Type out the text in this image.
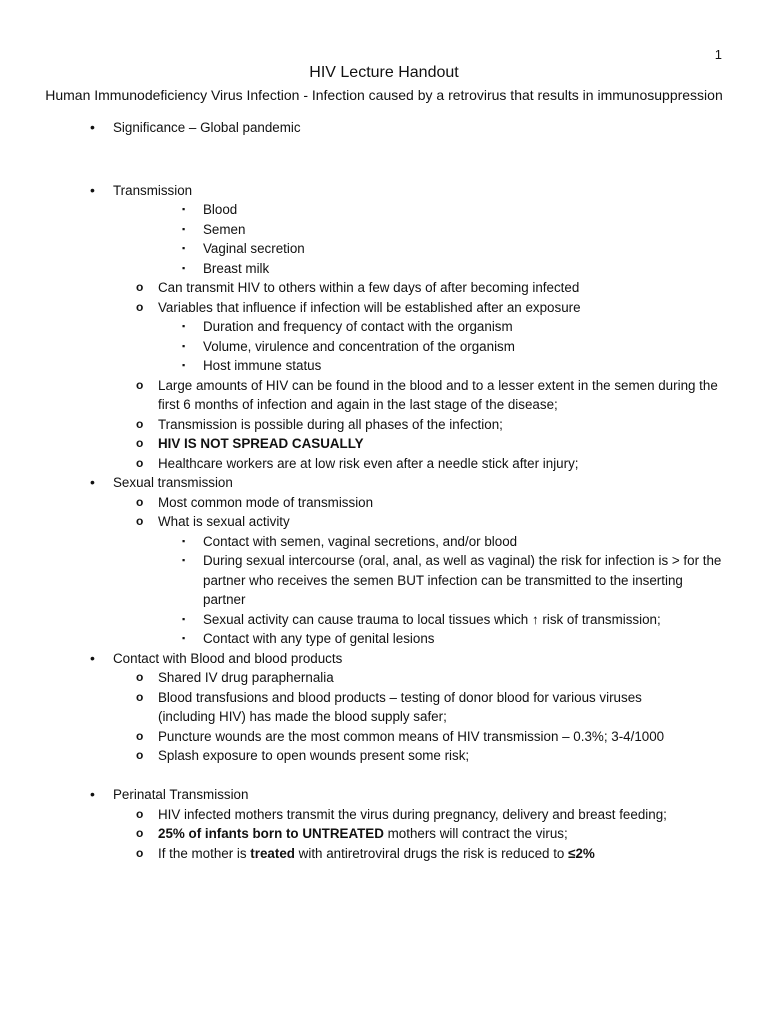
1
HIV Lecture Handout
Human Immunodeficiency Virus Infection - Infection caused by a retrovirus that results in immunosuppression
• Significance – Global pandemic
• Transmission
▪ Blood
▪ Semen
▪ Vaginal secretion
▪ Breast milk
o Can transmit HIV to others within a few days of after becoming infected
o Variables that influence if infection will be established after an exposure
▪ Duration and frequency of contact with the organism
▪ Volume, virulence and concentration of the organism
▪ Host immune status
o Large amounts of HIV can be found in the blood and to a lesser extent in the semen during the first 6 months of infection and again in the last stage of the disease;
o Transmission is possible during all phases of the infection;
o HIV IS NOT SPREAD CASUALLY
o Healthcare workers are at low risk even after a needle stick after injury;
• Sexual transmission
o Most common mode of transmission
o What is sexual activity
▪ Contact with semen, vaginal secretions, and/or blood
▪ During sexual intercourse (oral, anal, as well as vaginal) the risk for infection is > for the partner who receives the semen BUT infection can be transmitted to the inserting partner
▪ Sexual activity can cause trauma to local tissues which ↑ risk of transmission;
▪ Contact with any type of genital lesions
• Contact with Blood and blood products
o Shared IV drug paraphernalia
o Blood transfusions and blood products – testing of donor blood for various viruses (including HIV) has made the blood supply safer;
o Puncture wounds are the most common means of HIV transmission – 0.3%; 3-4/1000
o Splash exposure to open wounds present some risk;
• Perinatal Transmission
o HIV infected mothers transmit the virus during pregnancy, delivery and breast feeding;
o 25% of infants born to UNTREATED mothers will contract the virus;
o If the mother is treated with antiretroviral drugs the risk is reduced to ≤2%
